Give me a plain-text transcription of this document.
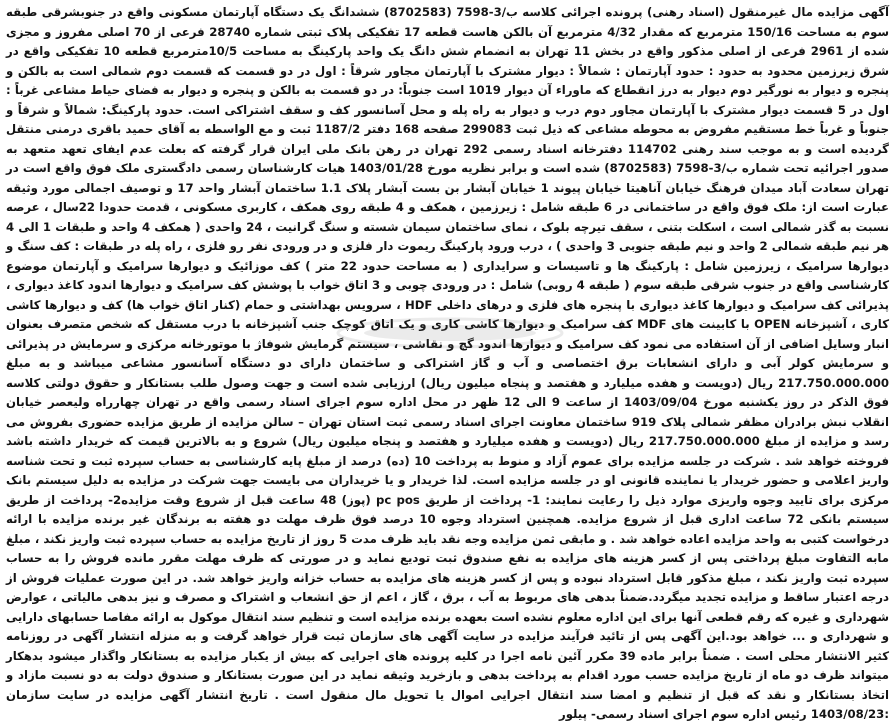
آگهی مزایده مال غیرمنقول (اسناد رهنی) پرونده اجرائی کلاسه ب/3-7598 (8702583) ششدانگ یک دستگاه آپارتمان مسکونی واقع در جنوبشرقی طبقه سوم به مساحت 150/16 مترمربع که مقدار 4/32 مترمربع آن بالکن هاست قطعه 17 تفکیکی پلاک ثبتی شماره 28740 فرعی از 70 اصلی مفروز و مجزی شده از 2961 فرعی از اصلی مذکور واقع در بخش 11 تهران به انضمام شش دانگ یک واحد پارکینگ به مساحت 10/5مترمربع قطعه 10 تفکیکی واقع در شرق زیرزمین محدود به حدود : حدود آپارتمان : شمالاً : دیوار مشترک با آپارتمان مجاور شرقاً : اول در دو قسمت که قسمت دوم شمالی است به بالکن و پنجره و دیوار به نورگیر دوم دیوار به درز انقطاع که ماوراء آن دیوار 1019 است جنوباً: در دو قسمت به بالکن و پنجره و دیوار به فضای حیاط مشاعی غرباً : اول در 5 قسمت دیوار مشترک با آپارتمان مجاور دوم درب و دیوار به راه پله و محل آسانسور کف و سقف اشتراکی است. حدود پارکینگ: شمالاً و شرقاً و جنوباً و غرباً خط مستقیم مفروض به محوطه مشاعی که ذیل ثبت 299083 صفحه 168 دفتر 1187/2 ثبت و مع الواسطه به آقای حمید باقری درمنی منتقل گردیده است و به موجب سند رهنی 114702 دفترخانه اسناد رسمی 292 تهران در رهن بانک ملی ایران قرار گرفته که بعلت عدم ایفای تعهد متعهد به صدور اجرائیه تحت شماره ب/3-7598 (8702583) شده است و برابر نظریه مورخ 1403/01/28 هیات کارشناسان رسمی دادگستری ملک فوق واقع است در تهران سعادت آباد میدان فرهنگ خیابان آناهیتا خیابان پیوند 1 خیابان آبشار بن بست آبشار پلاک 1.1 ساختمان آبشار واحد 17 و توصیف اجمالی مورد وثیقه عبارت است از: ملک فوق واقع در ساختمانی در 6 طبقه شامل : زیرزمین ، همکف و 4 طبقه روی همکف ، کاربری مسکونی ، قدمت حدودا 22سال ، عرصه نسبت به گذر شمالی است ، اسکلت بتنی ، سقف تیرچه بلوک ، نمای ساختمان سیمان شسته و سنگ گرانیت ، 24 واحدی ( همکف 4 واحد و طبقات 1 الی 4 هر نیم طبقه شمالی 2 واحد و نیم طبقه جنوبی 3 واحدی ) ، درب ورود پارکینگ ریموت دار فلزی و در ورودی نفر رو فلزی ، راه پله در طبقات : کف سنگ و دیوارها سرامیک ، زیرزمین شامل : پارکینگ ها و تاسیسات و سرایداری ( به مساحت حدود 22 متر ) کف موزائیک و دیوارها سرامیک و آپارتمان موضوع کارشناسی واقع در جنوب شرقی طبقه سوم ( طبقه 4 روبی) شامل : در ورودی چوبی و 3 اتاق خواب با پوشش کف سرامیک و دیوارها اندود کاغذ دیواری ، پذیرائی کف سرامیک و دیوارها کاغذ دیواری با پنجره های فلزی و درهای داخلی HDF ، سرویس بهداشتی و حمام (کنار اتاق خواب ها) کف و دیوارها کاشی کاری ، آشپزخانه OPEN با کابینت های MDF کف سرامیک و دیوارها کاشی کاری و یک اتاق کوچک جنب آشپزخانه با درب مستقل که شخص متصرف بعنوان انبار وسایل اضافی از آن استفاده می نمود کف سرامیک و دیوارها اندود گچ و نقاشی ، سیستم گرمایش شوفاژ با موتورخانه مرکزی و سرمایش در پذیرائی و سرمایش کولر آبی و دارای انشعابات برق اختصاصی و آب و گاز اشتراکی و ساختمان دارای دو دستگاه آسانسور مشاعی میباشد و به مبلغ 217.750.000.000 ریال (دویست و هفده میلیارد و هفتصد و پنجاه میلیون ریال) ارزیابی شده است و جهت وصول طلب بستانکار و حقوق دولتی کلاسه فوق الذکر در روز یکشنبه مورخ 1403/09/04 از ساعت 9 الی 12 ظهر در محل اداره سوم اجرای اسناد رسمی واقع در تهران چهارراه ولیعصر خیابان انقلاب نبش برادران مظفر شمالی پلاک 919 ساختمان معاونت اجرای اسناد رسمی ثبت استان تهران – سالن مزایده از طریق مزایده حضوری بفروش می رسد و مزایده از مبلغ 217.750.000.000 ریال (دویست و هفده میلیارد و هفتصد و پنجاه میلیون ریال) شروع و به بالاترین قیمت که خریدار داشته باشد فروخته خواهد شد . شرکت در جلسه مزایده برای عموم آزاد و منوط به پرداخت 10 (ده) درصد از مبلغ پایه کارشناسی به حساب سپرده ثبت و تحت شناسه واریز اعلامی و حضور خریدار یا نماینده قانونی او در جلسه مزایده است. لذا خریدار و یا خریداران می بایست جهت شرکت در مزایده به دلیل سیستم بانک مرکزی برای تایید وجوه واریزی موارد ذیل را رعایت نمایند: 1- پرداخت از طریق pc pos (پوز) 48 ساعت قبل از شروع وقت مزایده2- پرداخت از طریق سیستم بانکی 72 ساعت اداری قبل از شروع مزایده. همچنین استرداد وجوه 10 درصد فوق ظرف مهلت دو هفته به برندگان غیر برنده مزایده با ارائه درخواست کتبی به واحد مزایده اعاده خواهد شد . و مابقی ثمن مزایده وجه نقد باید ظرف مدت 5 روز از تاریخ مزایده به حساب سپرده ثبت واریز نکند ، مبلغ مابه التفاوت مبلغ پرداختی پس از کسر هزینه های مزایده به نفع صندوق ثبت تودیع نماید و در صورتی که ظرف مهلت مقرر مانده فروش را به حساب سپرده ثبت واریز نکند ، مبلغ مذکور قابل استرداد نبوده و پس از کسر هزینه های مزایده به حساب خزانه واریز خواهد شد. در این صورت عملیات فروش از درجه اعتبار ساقط و مزایده تجدید میگردد.ضمناً بدهی های مربوط به آب ، برق ، گاز ، اعم از حق انشعاب و اشتراک و مصرف و نیز بدهی مالیاتی ، عوارض شهرداری و غیره که رقم قطعی آنها برای این اداره معلوم نشده است بعهده برنده مزایده است و تنظیم سند انتقال موکول به ارائه مفاصا حسابهای دارایی و شهرداری و ... خواهد بود.این آگهی پس از تائید فرآیند مزایده در سایت آگهی های سازمان ثبت قرار خواهد گرفت و به منزله انتشار آگهی در روزنامه کثیر الانتشار محلی است . ضمناً برابر ماده 39 مکرر آئین نامه اجرا در کلیه پرونده های اجرایی که بیش از یکبار مزایده به بستانکار واگذار میشود بدهکار میتواند ظرف دو ماه از تاریخ مزایده حسب مورد اقدام به پرداخت بدهی و بازخرید وثیقه نماید در این صورت بستانکار و صندوق دولت به دو نسبت مازاد و اتخاذ بستانکار و نقد که قبل از تنظیم و امضا سند انتقال اجرایی اموال یا تحویل مال منقول است . تاریخ انتشار آگهی مزایده در سایت سازمان :1403/08/23 رئیس اداره سوم اجرای اسناد رسمی- پیلور
